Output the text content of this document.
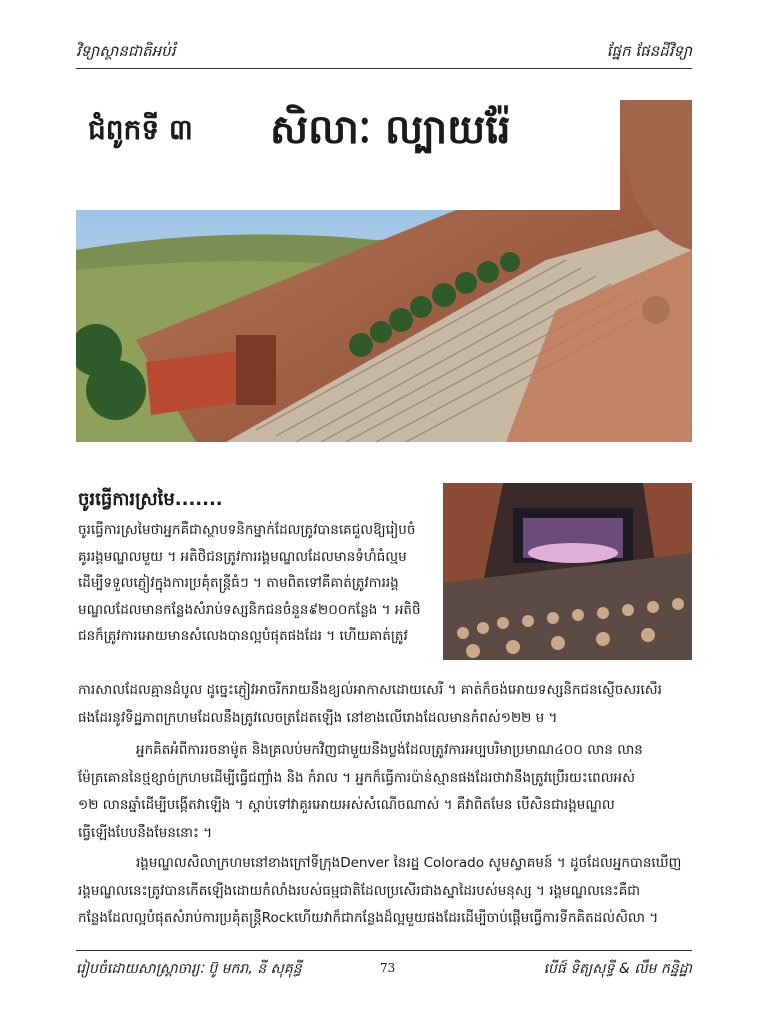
វិទ្យាស្ថានជាតិអប់រំ	ផ្នែក ផែនដីវិទ្យា
ជំពូកទី ៣ សិលាៈ ល្បាយរ៉ែ
ចូរធ្វើការស្រមៃ.......
ចូរធ្វើការស្រមៃថាអ្នកគឺជាស្ថាបទនិកម្នាក់ដែលត្រូវបានគេជួលឱ្យរៀបចំ
គូររង្គមណ្ឌលមួយ ។ អតិថិជនត្រូវការរង្គមណ្ឌលដែលមានទំហំធំល្មម
ដើម្បីទទួលភ្ញៀវក្នុងការប្រគុំតន្ត្រីធំៗ ។ តាមពិតទៅគឺគាត់ត្រូវការរង្គ
មណ្ឌលដែលមានកន្លែងសំរាប់ទស្សនិកជនចំនួន៩២០០កន្លែង ។ អតិថិ
ជនក៏ត្រូវការអោយមានសំលេងបានល្អបំផុតផងដែរ ។ ហើយគាត់ត្រូវ
ការសាលដែលគ្មានដំបូល ដូច្នេះភ្ញៀវអាចរីករាយនឹងខ្យល់អាកាសដោយសេរី ។ គាត់ក៏ចង់អោយទស្សនិកជនស្ញើចសរសើរ
ផងដែរនូវទិដ្ឋភាពក្រហមដែលនឹងត្រូវលេចត្រដែតឡើង នៅខាងលើរោងដែលមានកំពស់១២២ ម ។
អ្នកគិតអំពីការរចនាម៉ូត និងគ្រលប់មកវិញជាមួយនឹងប្លង់ដែលត្រូវការអប្បបរិមាប្រមាណ៤០០ លាន លាន
ម៉ែត្រគោននៃថ្មខ្សាច់ក្រហមដើម្បីធ្វើជញ្ជាំង និង កំរាល ។ អ្នកក៏ធ្វើការប៉ាន់ស្មានផងដែរថាវានឹងត្រូវប្រើរយះពេលអស់
១២ លានឆ្នាំដើម្បីបង្កើតវាឡើង ។ ស្តាប់ទៅវាគួរអោយអស់សំណើចណាស់ ។ គឺវាពិតមែន បើសិនជារង្គមណ្ឌល
ធ្វើឡើងបែបនឹងមែននោះ ។
រង្គមណ្ឌលសិលាក្រហមនៅខាងក្រៅទីក្រុងDenver នៃរដ្ឋ Colorado សូមស្វាគមន៍ ។ ដូចដែលអ្នកបានឃើញ
រង្គមណ្ឌលនេះត្រូវបានកើតឡើងដោយកំលាំងរបស់ធម្មជាតិដែលប្រសើរជាងស្នាដៃរបស់មនុស្ស ។ រង្គមណ្ឌលនេះគឺជា
កន្លែងដែលល្អបំផុតសំរាប់ការប្រគុំតន្ត្រីRockហើយវាក៏ជាកន្លែងដ៏ល្អមួយផងដែរដើម្បីចាប់ផ្តើមធ្វើការទីកគិតដល់សិលា ។
រៀបចំដោយសាស្ត្រាចារ្យៈ ប៊ូ មករា, នី សុគុន្ធី	73	បើផ៍ ទិត្យសុទ្ធី & លឹម កន្និដ្ឋា
